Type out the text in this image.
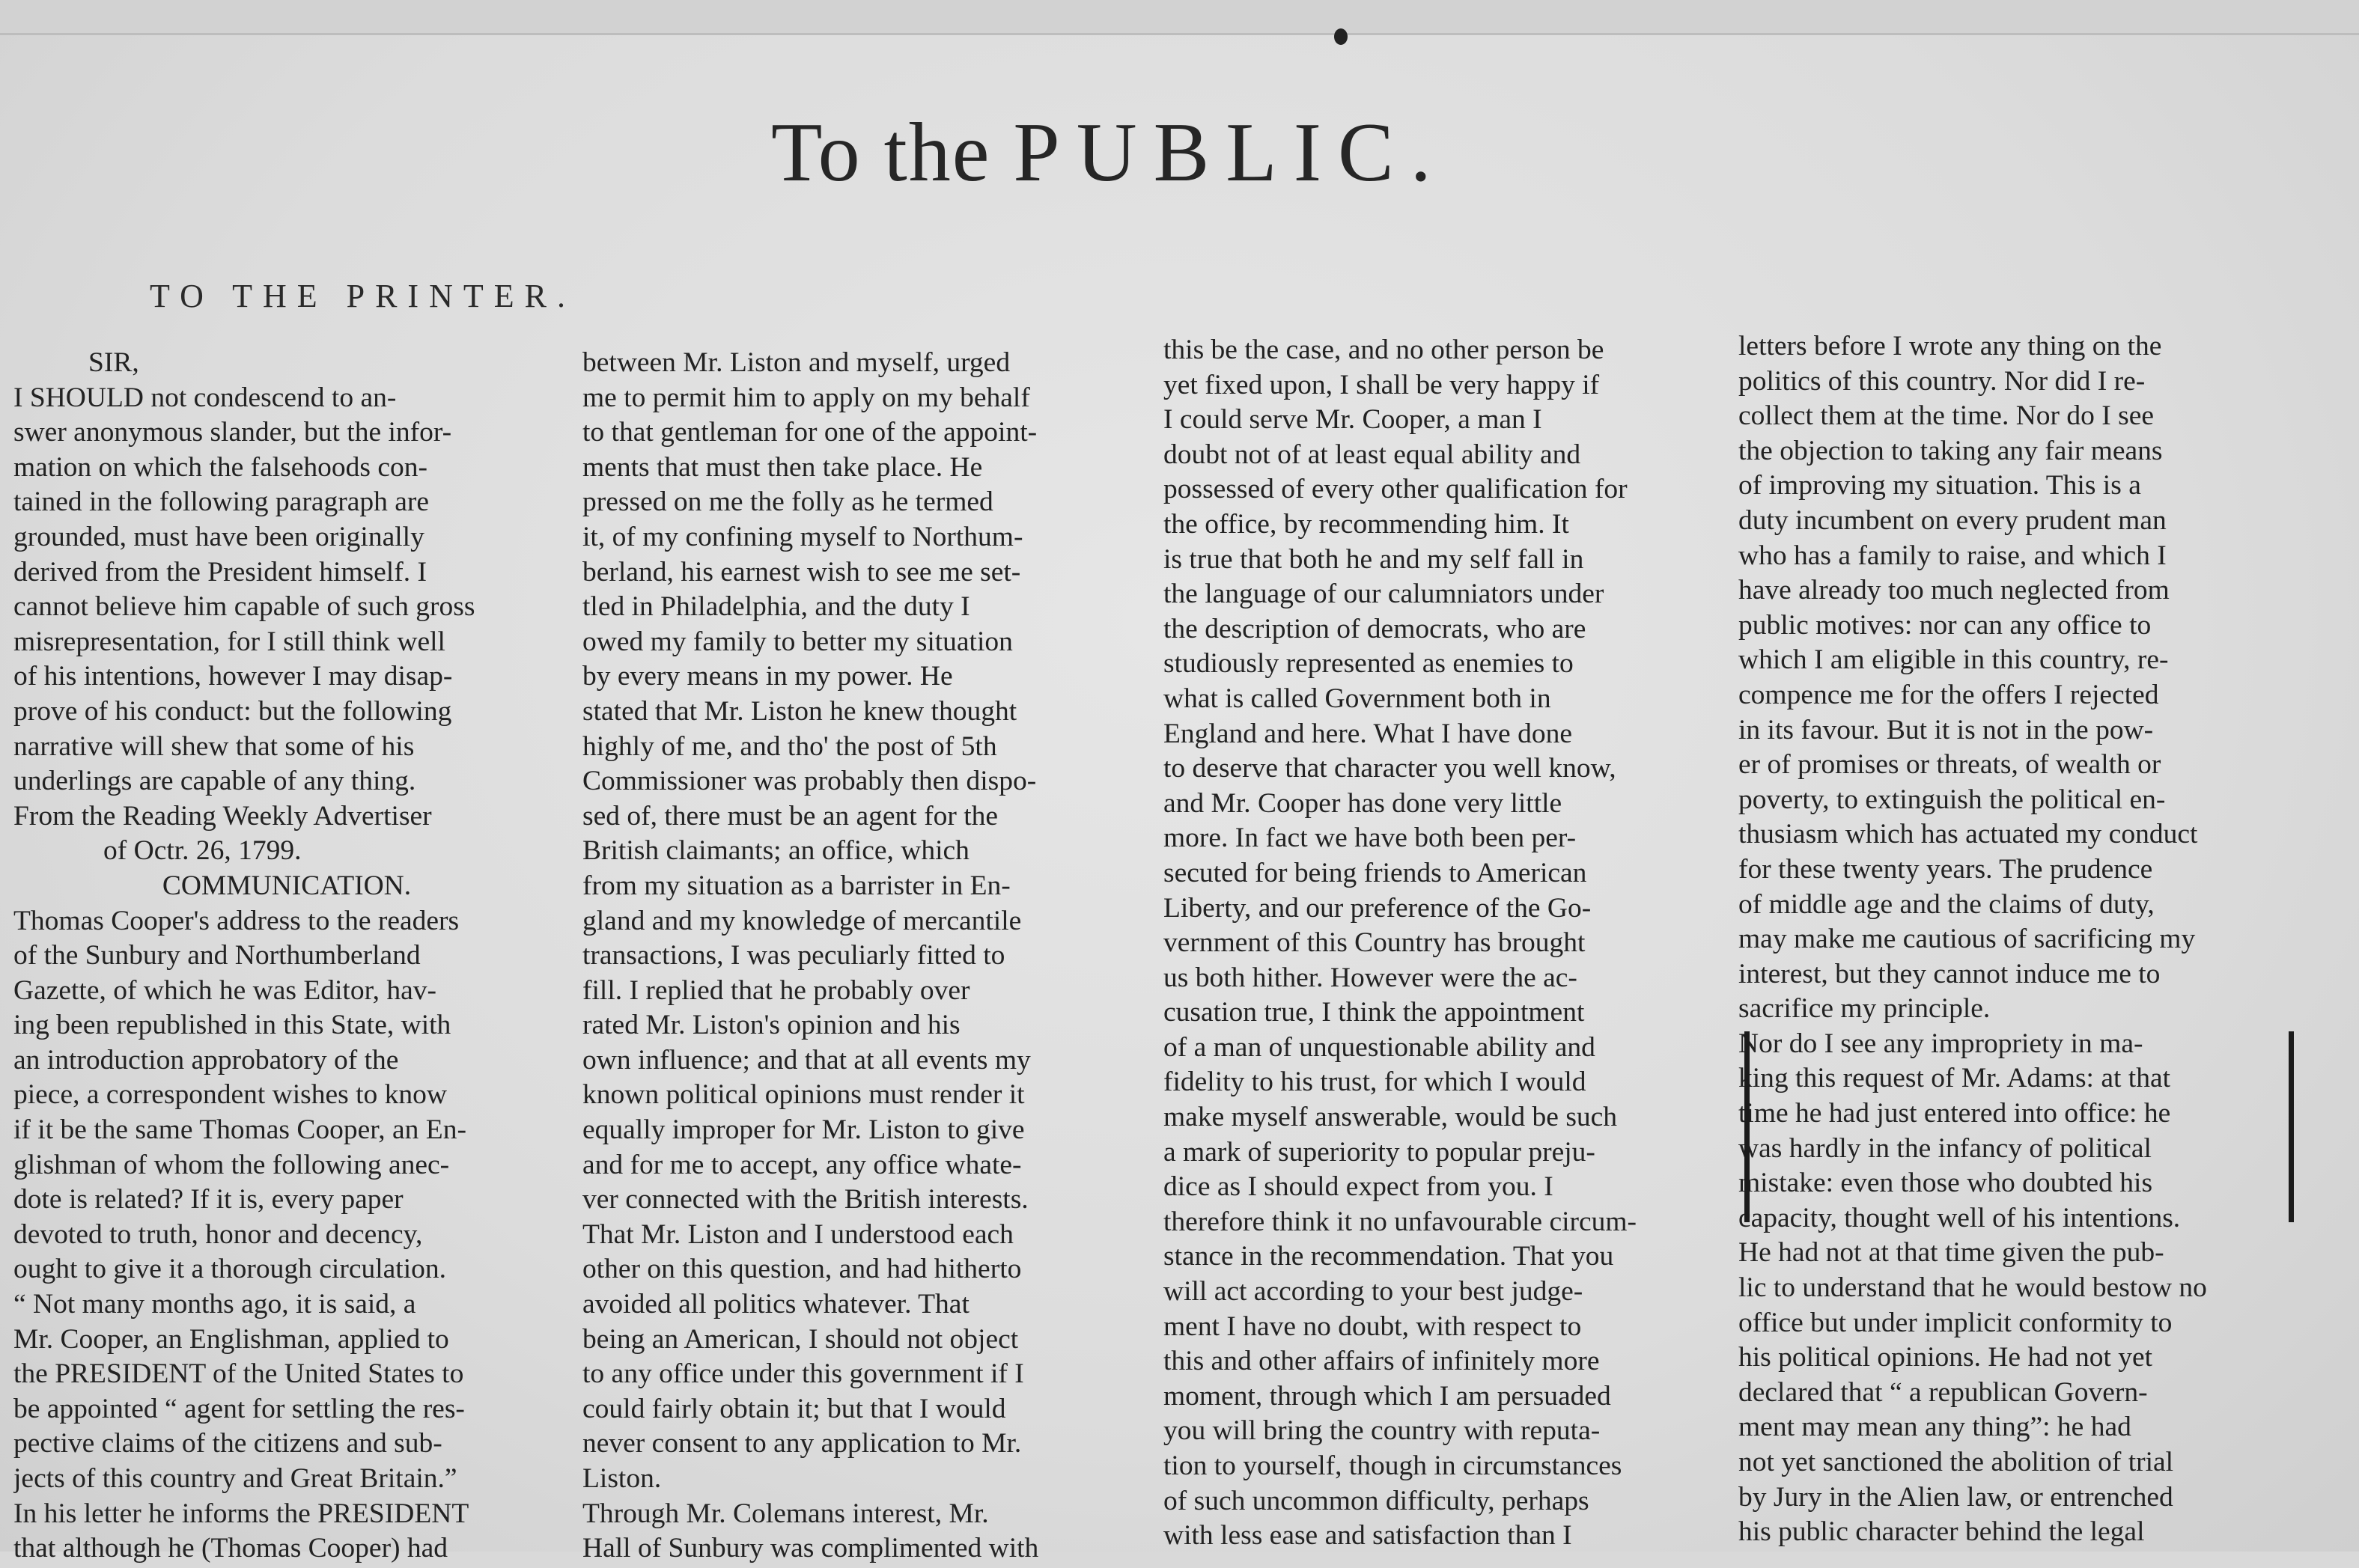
To the PUBLIC.
TO THE PRINTER.
SIR,
I SHOULD not condescend to an-
swer anonymous slander, but the infor-
mation on which the falsehoods con-
tained in the following paragraph are
grounded, must have been originally
derived from the President himself. I
cannot believe him capable of such gross
misrepresentation, for I still think well
of his intentions, however I may disap-
prove of his conduct: but the following
narrative will shew that some of his
underlings are capable of any thing.
From the Reading Weekly Advertiser
of Octr. 26, 1799.
COMMUNICATION.
Thomas Cooper's address to the readers
of the Sunbury and Northumberland
Gazette, of which he was Editor, hav-
ing been republished in this State, with
an introduction approbatory of the
piece, a correspondent wishes to know
if it be the same Thomas Cooper, an En-
glishman of whom the following anec-
dote is related? If it is, every paper
devoted to truth, honor and decency,
ought to give it a thorough circulation.
“ Not many months ago, it is said, a
Mr. Cooper, an Englishman, applied to
the PRESIDENT of the United States to
be appointed “ agent for settling the res-
pective claims of the citizens and sub-
jects of this country and Great Britain.”
In his letter he informs the PRESIDENT
that although he (Thomas Cooper) had
between Mr. Liston and myself, urged
me to permit him to apply on my behalf
to that gentleman for one of the appoint-
ments that must then take place. He
pressed on me the folly as he termed
it, of my confining myself to Northum-
berland, his earnest wish to see me set-
tled in Philadelphia, and the duty I
owed my family to better my situation
by every means in my power. He
stated that Mr. Liston he knew thought
highly of me, and tho' the post of 5th
Commissioner was probably then dispo-
sed of, there must be an agent for the
British claimants; an office, which
from my situation as a barrister in En-
gland and my knowledge of mercantile
transactions, I was peculiarly fitted to
fill. I replied that he probably over
rated Mr. Liston's opinion and his
own influence; and that at all events my
known political opinions must render it
equally improper for Mr. Liston to give
and for me to accept, any office whate-
ver connected with the British interests.
That Mr. Liston and I understood each
other on this question, and had hitherto
avoided all politics whatever. That
being an American, I should not object
to any office under this government if I
could fairly obtain it; but that I would
never consent to any application to Mr.
Liston.
Through Mr. Colemans interest, Mr.
Hall of Sunbury was complimented with
this be the case, and no other person be
yet fixed upon, I shall be very happy if
I could serve Mr. Cooper, a man I
doubt not of at least equal ability and
possessed of every other qualification for
the office, by recommending him. It
is true that both he and my self fall in
the language of our calumniators under
the description of democrats, who are
studiously represented as enemies to
what is called Government both in
England and here. What I have done
to deserve that character you well know,
and Mr. Cooper has done very little
more. In fact we have both been per-
secuted for being friends to American
Liberty, and our preference of the Go-
vernment of this Country has brought
us both hither. However were the ac-
cusation true, I think the appointment
of a man of unquestionable ability and
fidelity to his trust, for which I would
make myself answerable, would be such
a mark of superiority to popular preju-
dice as I should expect from you. I
therefore think it no unfavourable circum-
stance in the recommendation. That you
will act according to your best judge-
ment I have no doubt, with respect to
this and other affairs of infinitely more
moment, through which I am persuaded
you will bring the country with reputa-
tion to yourself, though in circumstances
of such uncommon difficulty, perhaps
with less ease and satisfaction than I
letters before I wrote any thing on the
politics of this country. Nor did I re-
collect them at the time. Nor do I see
the objection to taking any fair means
of improving my situation. This is a
duty incumbent on every prudent man
who has a family to raise, and which I
have already too much neglected from
public motives: nor can any office to
which I am eligible in this country, re-
compence me for the offers I rejected
in its favour. But it is not in the pow-
er of promises or threats, of wealth or
poverty, to extinguish the political en-
thusiasm which has actuated my conduct
for these twenty years. The prudence
of middle age and the claims of duty,
may make me cautious of sacrificing my
interest, but they cannot induce me to
sacrifice my principle.
Nor do I see any impropriety in ma-
king this request of Mr. Adams: at that
time he had just entered into office: he
was hardly in the infancy of political
mistake: even those who doubted his
capacity, thought well of his intentions.
He had not at that time given the pub-
lic to understand that he would bestow no
office but under implicit conformity to
his political opinions. He had not yet
declared that “ a republican Govern-
ment may mean any thing”: he had
not yet sanctioned the abolition of trial
by Jury in the Alien law, or entrenched
his public character behind the legal
